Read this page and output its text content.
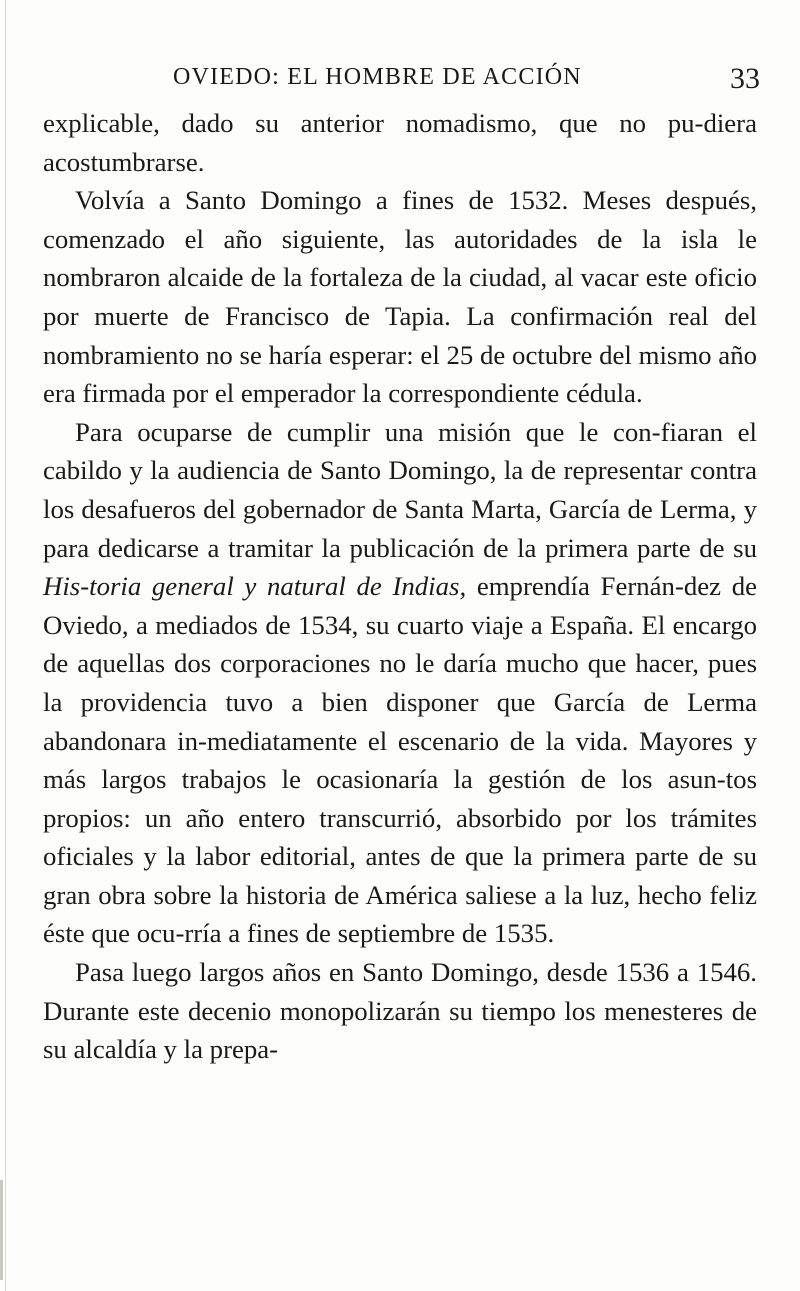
OVIEDO: EL HOMBRE DE ACCIÓN	33

explicable, dado su anterior nomadismo, que no pu-diera acostumbrarse.

Volvía a Santo Domingo a fines de 1532. Meses después, comenzado el año siguiente, las autoridades de la isla le nombraron alcaide de la fortaleza de la ciudad, al vacar este oficio por muerte de Francisco de Tapia. La confirmación real del nombramiento no se haría esperar: el 25 de octubre del mismo año era firmada por el emperador la correspondiente cédula.

Para ocuparse de cumplir una misión que le con-fiaran el cabildo y la audiencia de Santo Domingo, la de representar contra los desafueros del gobernador de Santa Marta, García de Lerma, y para dedicarse a tramitar la publicación de la primera parte de su His-toria general y natural de Indias, emprendía Fernán-dez de Oviedo, a mediados de 1534, su cuarto viaje a España. El encargo de aquellas dos corporaciones no le daría mucho que hacer, pues la providencia tuvo a bien disponer que García de Lerma abandonara in-mediatamente el escenario de la vida. Mayores y más largos trabajos le ocasionaría la gestión de los asun-tos propios: un año entero transcurrió, absorbido por los trámites oficiales y la labor editorial, antes de que la primera parte de su gran obra sobre la historia de América saliese a la luz, hecho feliz éste que ocu-rría a fines de septiembre de 1535.

Pasa luego largos años en Santo Domingo, desde 1536 a 1546. Durante este decenio monopolizarán su tiempo los menesteres de su alcaldía y la prepa-
